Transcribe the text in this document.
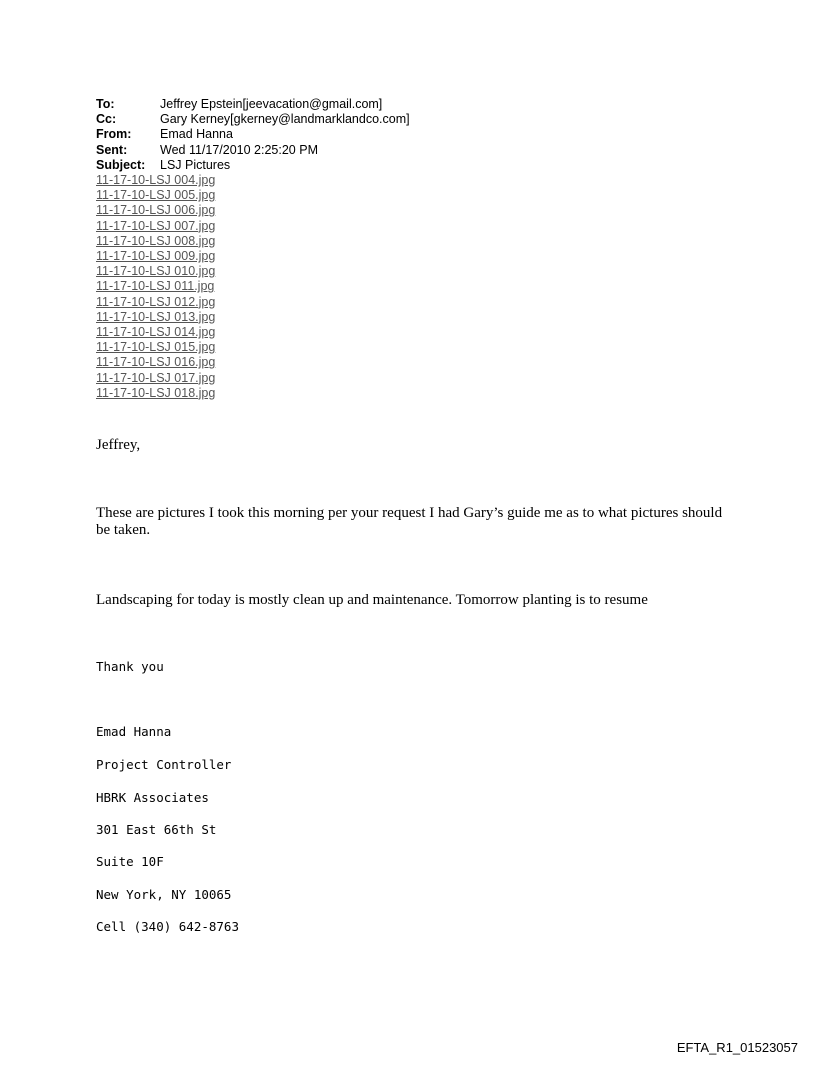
To:	Jeffrey Epstein[jeevacation@gmail.com]
Cc:	Gary Kerney[gkerney@landmarklandco.com]
From:	Emad Hanna
Sent:	Wed 11/17/2010 2:25:20 PM
Subject:	LSJ Pictures
11-17-10-LSJ 004.jpg
11-17-10-LSJ 005.jpg
11-17-10-LSJ 006.jpg
11-17-10-LSJ 007.jpg
11-17-10-LSJ 008.jpg
11-17-10-LSJ 009.jpg
11-17-10-LSJ 010.jpg
11-17-10-LSJ 011.jpg
11-17-10-LSJ 012.jpg
11-17-10-LSJ 013.jpg
11-17-10-LSJ 014.jpg
11-17-10-LSJ 015.jpg
11-17-10-LSJ 016.jpg
11-17-10-LSJ 017.jpg
11-17-10-LSJ 018.jpg
Jeffrey,
These are pictures I took this morning per your request I had Gary’s guide me as to what pictures should be taken.
Landscaping for today is mostly clean up and maintenance. Tomorrow planting is to resume
Thank you
Emad Hanna
Project Controller
HBRK Associates
301 East 66th St
Suite 10F
New York, NY 10065
Cell (340) 642-8763
EFTA_R1_01523057
